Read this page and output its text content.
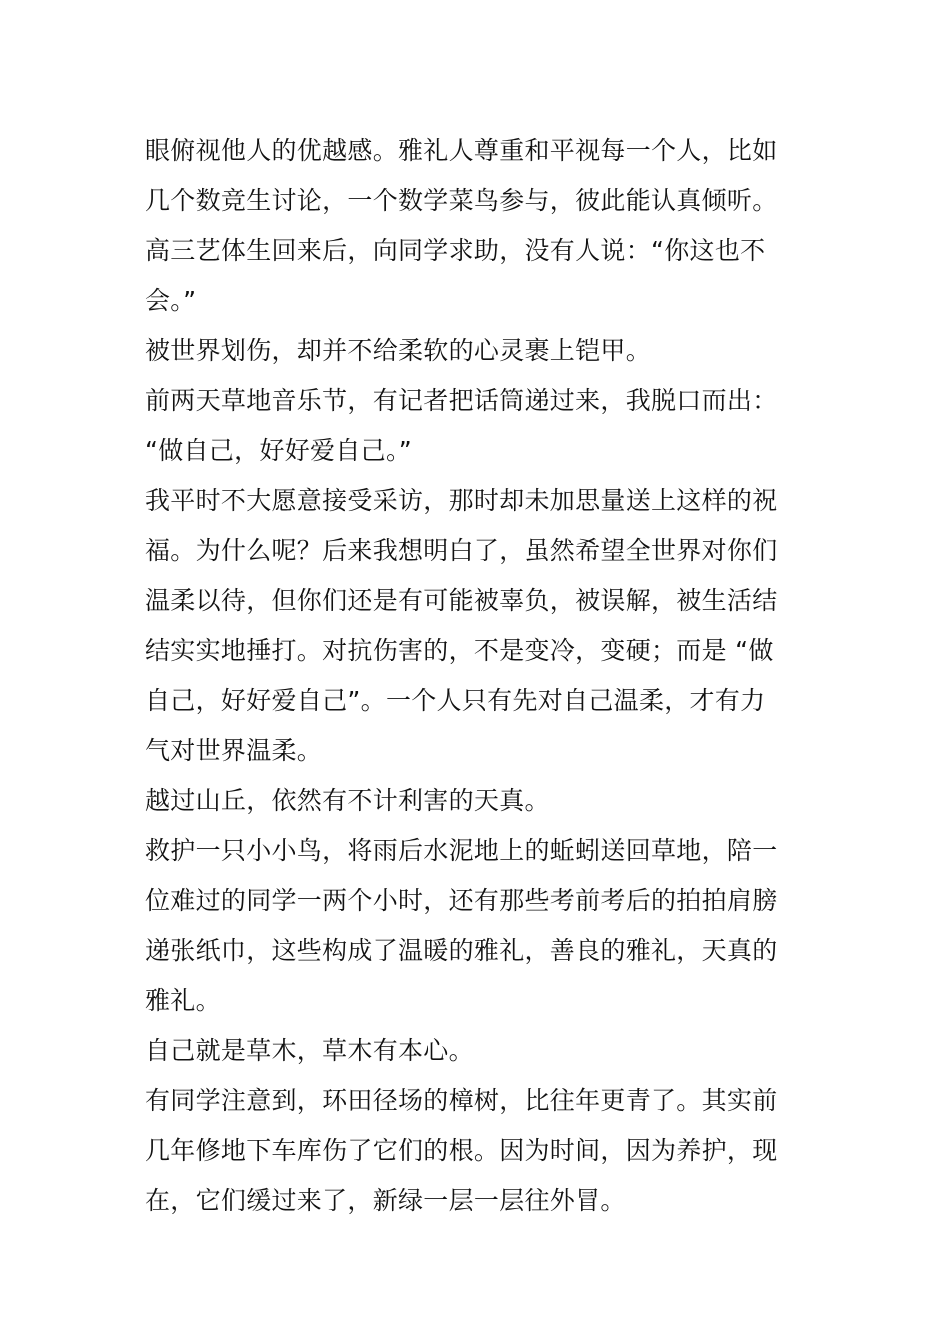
眼俯视他人的优越感。雅礼人尊重和平视每一个人，比如
几个数竞生讨论，一个数学菜鸟参与，彼此能认真倾听。
高三艺体生回来后，向同学求助，没有人说：“你这也不
会。”

被世界划伤，却并不给柔软的心灵裹上铠甲。

前两天草地音乐节，有记者把话筒递过来，我脱口而出：
“做自己，好好爱自己。”

我平时不大愿意接受采访，那时却未加思量送上这样的祝
福。为什么呢？后来我想明白了，虽然希望全世界对你们
温柔以待，但你们还是有可能被辜负，被误解，被生活结
结实实地捶打。对抗伤害的，不是变冷，变硬；而是 “做
自己，好好爱自己”。一个人只有先对自己温柔，才有力
气对世界温柔。

越过山丘，依然有不计利害的天真。

救护一只小小鸟，将雨后水泥地上的蚯蚓送回草地，陪一
位难过的同学一两个小时，还有那些考前考后的拍拍肩膀
递张纸巾，这些构成了温暖的雅礼，善良的雅礼，天真的
雅礼。

自己就是草木，草木有本心。

有同学注意到，环田径场的樟树，比往年更青了。其实前
几年修地下车库伤了它们的根。因为时间，因为养护，现
在，它们缓过来了，新绿一层一层往外冒。
